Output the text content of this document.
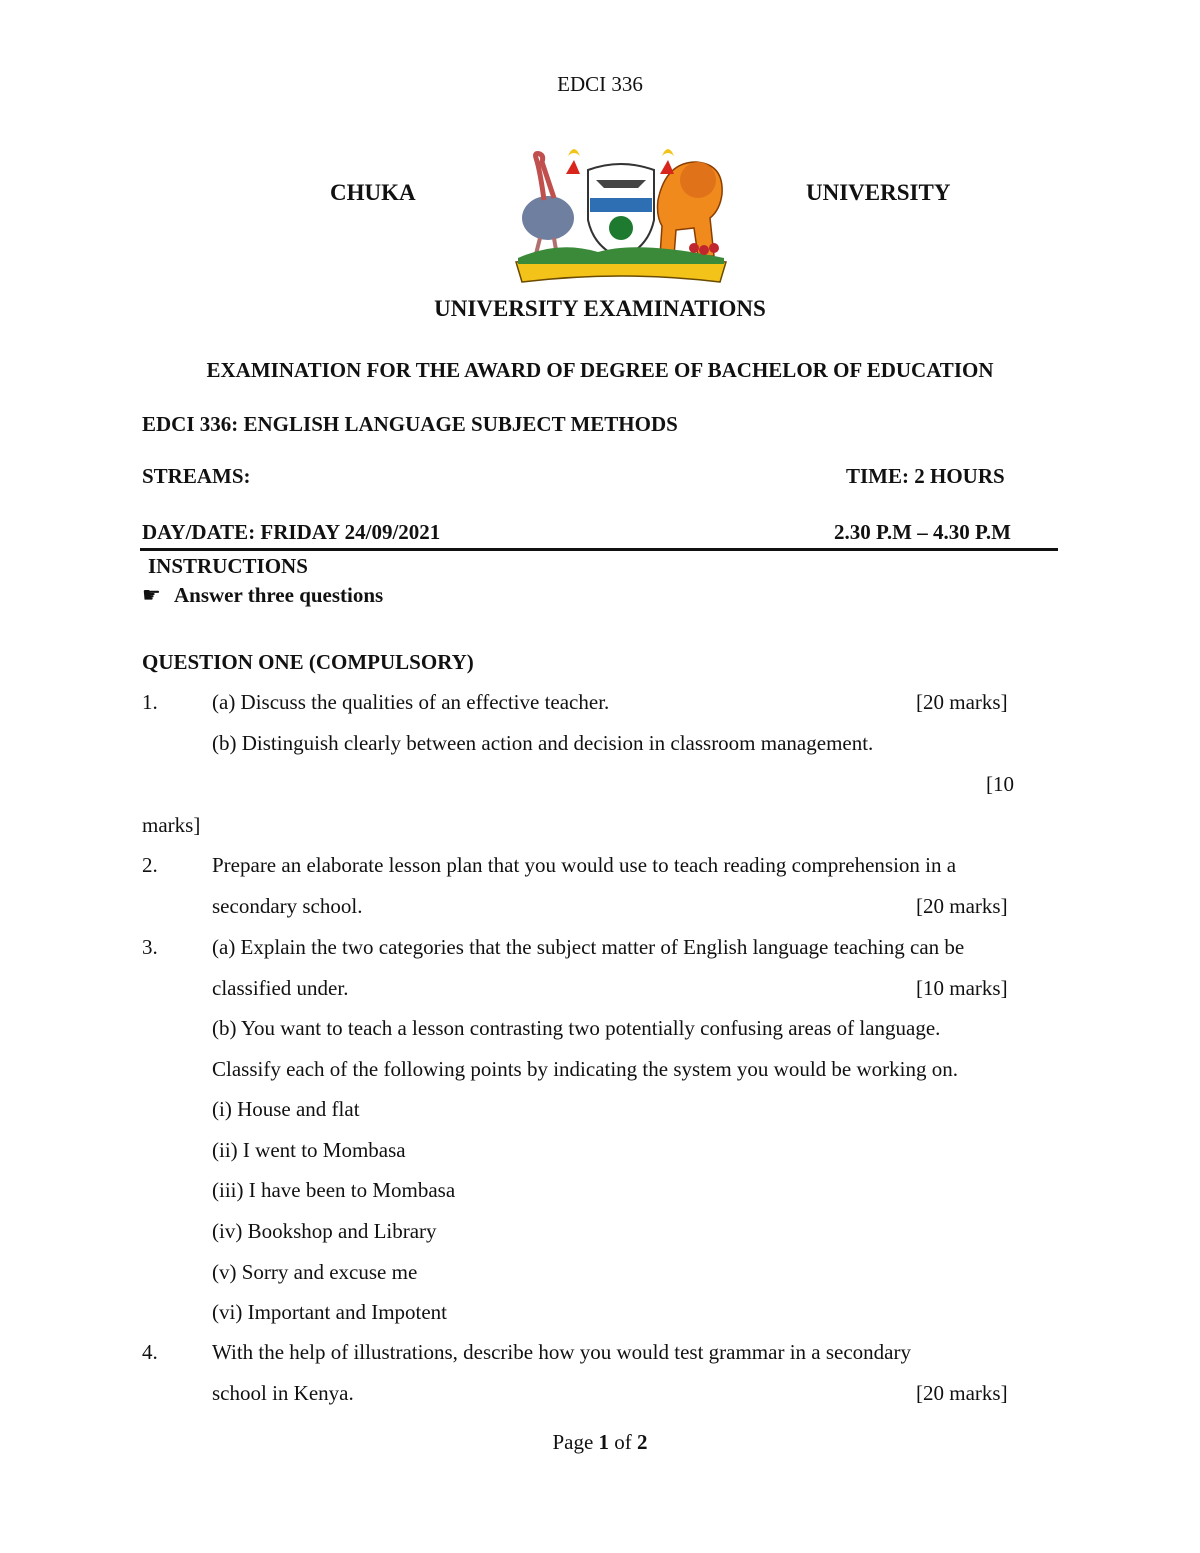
EDCI 336
CHUKA	UNIVERSITY
UNIVERSITY EXAMINATIONS
EXAMINATION FOR THE AWARD OF DEGREE OF BACHELOR OF EDUCATION
EDCI 336: ENGLISH LANGUAGE SUBJECT METHODS
STREAMS:	TIME: 2 HOURS
DAY/DATE: FRIDAY 24/09/2021	2.30 P.M – 4.30 P.M
INSTRUCTIONS
☛ Answer three questions
QUESTION ONE (COMPULSORY)
1.	(a) Discuss the qualities of an effective teacher.	[20 marks]
(b) Distinguish clearly between action and decision in classroom management.
[10
marks]
2.	Prepare an elaborate lesson plan that you would use to teach reading comprehension in a
secondary school.	[20 marks]
3.	(a) Explain the two categories that the subject matter of English language teaching can be
classified under.	[10 marks]
(b) You want to teach a lesson contrasting two potentially confusing areas of language.
Classify each of the following points by indicating the system you would be working on.
(i) House and flat
(ii) I went to Mombasa
(iii) I have been to Mombasa
(iv) Bookshop and Library
(v) Sorry and excuse me
(vi) Important and Impotent
4.	With the help of illustrations, describe how you would test grammar in a secondary
school in Kenya.	[20 marks]
Page 1 of 2
